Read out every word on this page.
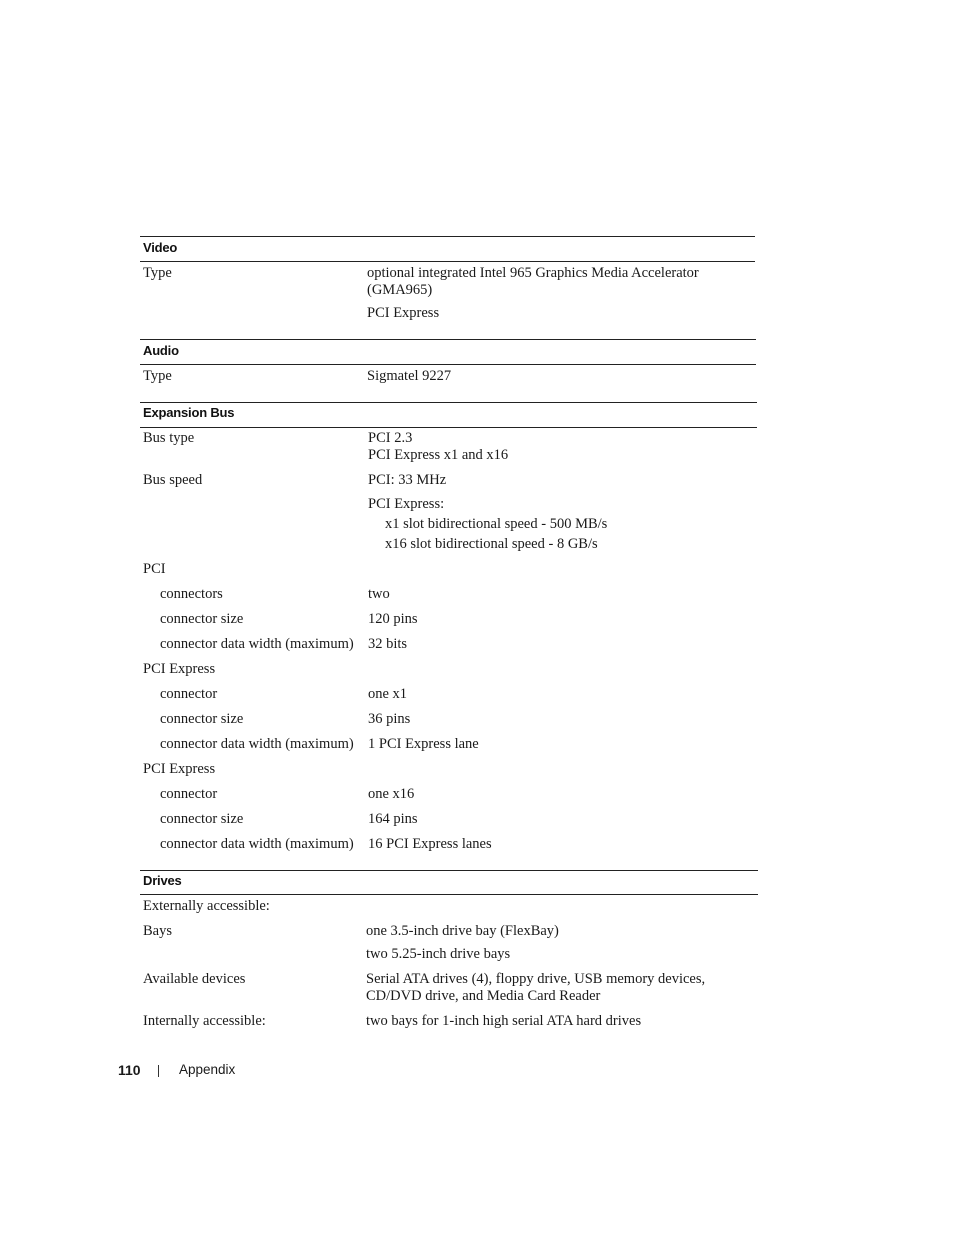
Video
Type	optional integrated Intel 965 Graphics Media Accelerator (GMA965)
PCI Express
Audio
Type	Sigmatel 9227
Expansion Bus
Bus type	PCI 2.3
PCI Express x1 and x16
Bus speed	PCI: 33 MHz
PCI Express:
x1 slot bidirectional speed - 500 MB/s
x16 slot bidirectional speed - 8 GB/s
PCI
connectors	two
connector size	120 pins
connector data width (maximum) 32 bits
PCI Express
connector	one x1
connector size	36 pins
connector data width (maximum) 1 PCI Express lane
PCI Express
connector	one x16
connector size	164 pins
connector data width (maximum) 16 PCI Express lanes
Drives
Externally accessible:
Bays	one 3.5-inch drive bay (FlexBay)
two 5.25-inch drive bays
Available devices	Serial ATA drives (4), floppy drive, USB memory devices, CD/DVD drive, and Media Card Reader
Internally accessible:	two bays for 1-inch high serial ATA hard drives
110	Appendix
